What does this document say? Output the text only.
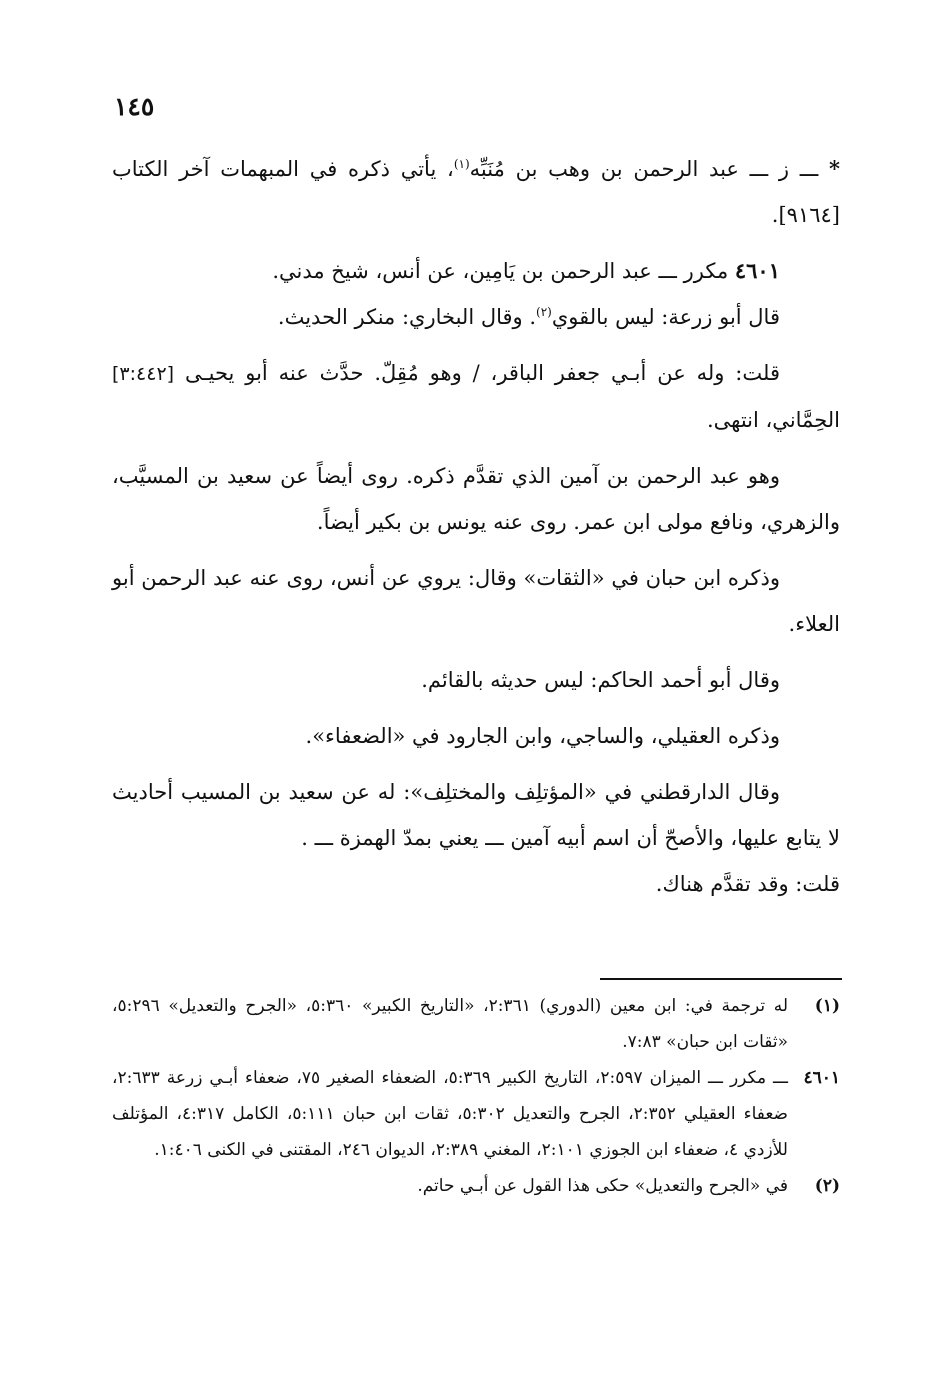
١٤٥

* ـــ ز ـــ عبد الرحمن بن وهب بن مُنَبِّه$^{(١)}$، يأتي ذكره في المبهمات آخر الكتاب [٩١٦٤].

٤٦٠١ مكرر ـــ عبد الرحمن بن يَامِين، عن أنس، شيخ مدني.

قال أبو زرعة: ليس بالقوي$^{(٢)}$. وقال البخاري: منكر الحديث.

قلت: وله عن أبـي جعفر الباقر، / وهو مُقِلّ. حدَّث عنه أبو يحيـى [٣:٤٤٢] الحِمَّاني، انتهى.

وهو عبد الرحمن بن آمين الذي تقدَّم ذكره. روى أيضاً عن سعيد بن المسيَّب، والزهري، ونافع مولى ابن عمر. روى عنه يونس بن بكير أيضاً.

وذكره ابن حبان في «الثقات» وقال: يروي عن أنس، روى عنه عبد الرحمن أبو العلاء.

وقال أبو أحمد الحاكم: ليس حديثه بالقائم.

وذكره العقيلي، والساجي، وابن الجارود في «الضعفاء».

وقال الدارقطني في «المؤتلِف والمختلِف»: له عن سعيد بن المسيب أحاديث لا يتابع عليها، والأصحّ أن اسم أبيه آمين ـــ يعني بمدّ الهمزة ـــ .

قلت: وقد تقدَّم هناك.

(١)
له ترجمة في: ابن معين (الدوري) ٢:٣٦١، «التاريخ الكبير» ٥:٣٦٠، «الجرح والتعديل» ٥:٢٩٦، «ثقات ابن حبان» ٧:٨٣.
٤٦٠١
ـــ مكرر ـــ الميزان ٢:٥٩٧، التاريخ الكبير ٥:٣٦٩، الضعفاء الصغير ٧٥، ضعفاء أبـي زرعة ٢:٦٣٣، ضعفاء العقيلي ٢:٣٥٢، الجرح والتعديل ٥:٣٠٢، ثقات ابن حبان ٥:١١١، الكامل ٤:٣١٧، المؤتلف للأزدي ٤، ضعفاء ابن الجوزي ٢:١٠١، المغني ٢:٣٨٩، الديوان ٢٤٦، المقتنى في الكنى ١:٤٠٦.
(٢)
في «الجرح والتعديل» حكى هذا القول عن أبـي حاتم.
